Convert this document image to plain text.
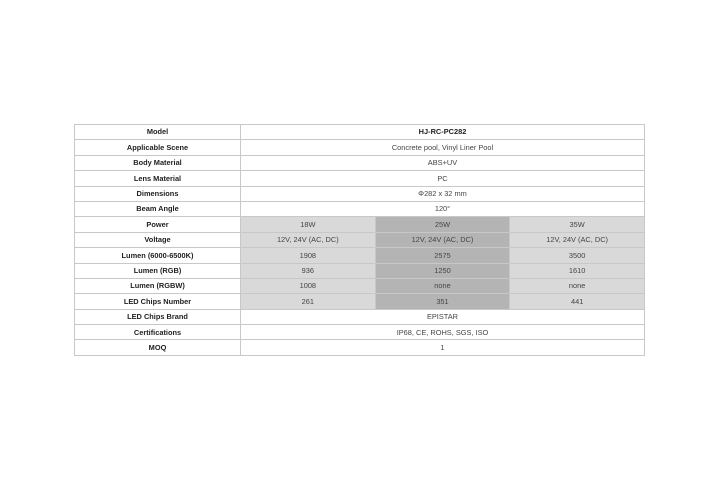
Model	HJ-RC-PC282		
Applicable Scene	Concrete pool, Vinyl Liner Pool		
Body Material	ABS+UV		
Lens Material	PC		
Dimensions	Φ282 x 32 mm		
Beam Angle	120°		
Power	18W	25W	35W
Voltage	12V, 24V (AC, DC)	12V, 24V (AC, DC)	12V, 24V (AC, DC)
Lumen (6000-6500K)	1908	2575	3500
Lumen (RGB)	936	1250	1610
Lumen (RGBW)	1008	none	none
LED Chips Number	261	351	441
LED Chips Brand	EPISTAR		
Certifications	IP68, CE, ROHS, SGS, ISO		
MOQ	1		
